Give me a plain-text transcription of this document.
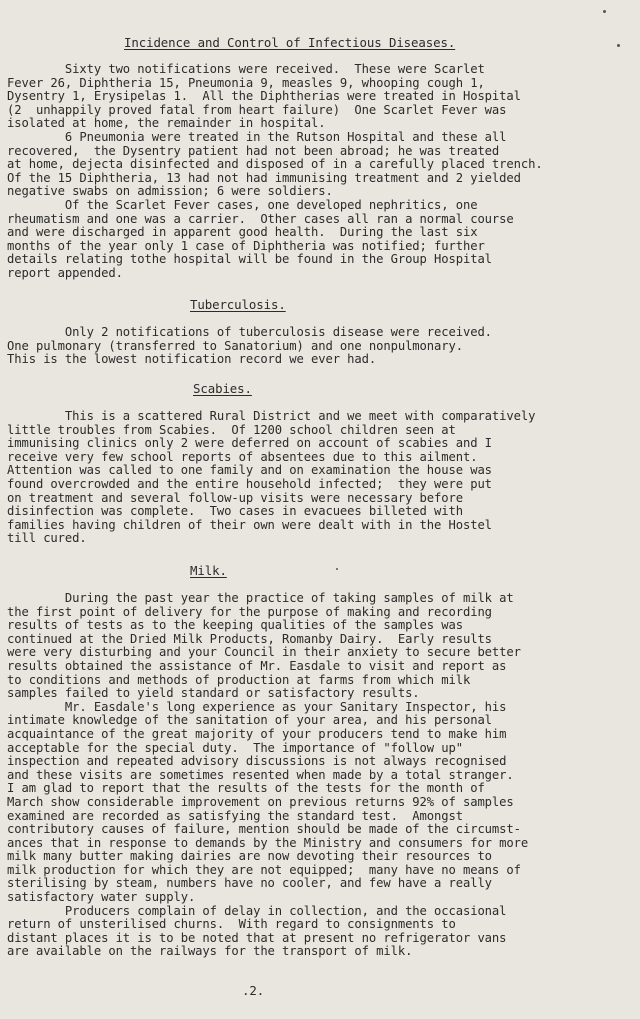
Incidence and Control of Infectious Diseases.
Sixty two notifications were received.  These were Scarlet
Fever 26, Diphtheria 15, Pneumonia 9, measles 9, whooping cough 1,
Dysentry 1, Erysipelas 1.  All the Diphtherias were treated in Hospital
(2  unhappily proved fatal from heart failure)  One Scarlet Fever was
isolated at home, the remainder in hospital.
6 Pneumonia were treated in the Rutson Hospital and these all
recovered,  the Dysentry patient had not been abroad; he was treated
at home, dejecta disinfected and disposed of in a carefully placed trench.
Of the 15 Diphtheria, 13 had not had immunising treatment and 2 yielded
negative swabs on admission; 6 were soldiers.
Of the Scarlet Fever cases, one developed nephritics, one
rheumatism and one was a carrier.  Other cases all ran a normal course
and were discharged in apparent good health.  During the last six
months of the year only 1 case of Diphtheria was notified; further
details relating tothe hospital will be found in the Group Hospital
report appended.
Tuberculosis.
Only 2 notifications of tuberculosis disease were received.
One pulmonary (transferred to Sanatorium) and one nonpulmonary.
This is the lowest notification record we ever had.
Scabies.
This is a scattered Rural District and we meet with comparatively
little troubles from Scabies.  Of 1200 school children seen at
immunising clinics only 2 were deferred on account of scabies and I
receive very few school reports of absentees due to this ailment.
Attention was called to one family and on examination the house was
found overcrowded and the entire household infected;  they were put
on treatment and several follow-up visits were necessary before
disinfection was complete.  Two cases in evacuees billeted with
families having children of their own were dealt with in the Hostel
till cured.
Milk.
During the past year the practice of taking samples of milk at
the first point of delivery for the purpose of making and recording
results of tests as to the keeping qualities of the samples was
continued at the Dried Milk Products, Romanby Dairy.  Early results
were very disturbing and your Council in their anxiety to secure better
results obtained the assistance of Mr. Easdale to visit and report as
to conditions and methods of production at farms from which milk
samples failed to yield standard or satisfactory results.
Mr. Easdale's long experience as your Sanitary Inspector, his
intimate knowledge of the sanitation of your area, and his personal
acquaintance of the great majority of your producers tend to make him
acceptable for the special duty.  The importance of "follow up"
inspection and repeated advisory discussions is not always recognised
and these visits are sometimes resented when made by a total stranger.
I am glad to report that the results of the tests for the month of
March show considerable improvement on previous returns 92% of samples
examined are recorded as satisfying the standard test.  Amongst
contributory causes of failure, mention should be made of the circumst-
ances that in response to demands by the Ministry and consumers for more
milk many butter making dairies are now devoting their resources to
milk production for which they are not equipped;  many have no means of
sterilising by steam, numbers have no cooler, and few have a really
satisfactory water supply.
Producers complain of delay in collection, and the occasional
return of unsterilised churns.  With regard to consignments to
distant places it is to be noted that at present no refrigerator vans
are available on the railways for the transport of milk.
.2.
